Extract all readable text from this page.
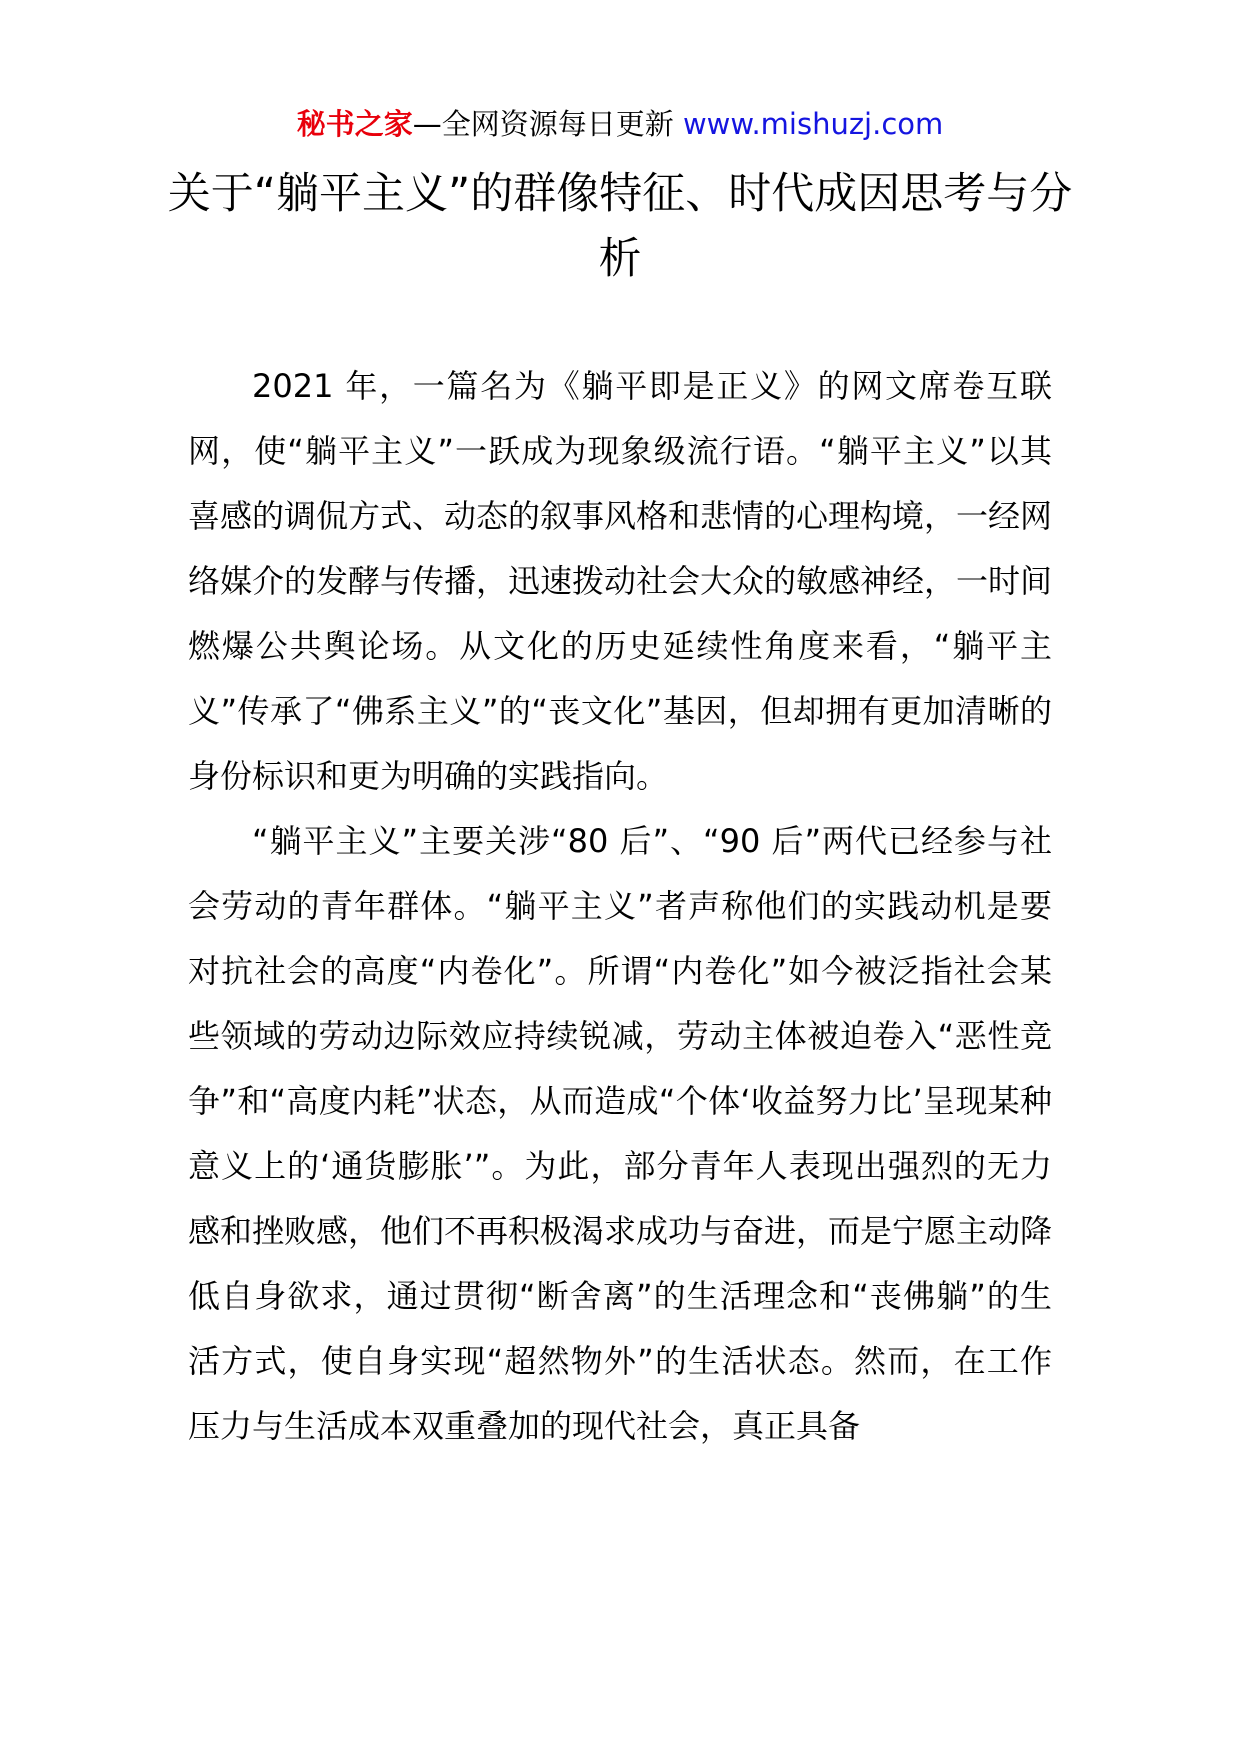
秘书之家—全网资源每日更新 www.mishuzj.com
关于“躺平主义”的群像特征、时代成因思考与分析

2021 年，一篇名为《躺平即是正义》的网文席卷互联网，使“躺平主义”一跃成为现象级流行语。“躺平主义”以其喜感的调侃方式、动态的叙事风格和悲情的心理构境，一经网络媒介的发酵与传播，迅速拨动社会大众的敏感神经，一时间燃爆公共舆论场。从文化的历史延续性角度来看，“躺平主义”传承了“佛系主义”的“丧文化”基因，但却拥有更加清晰的身份标识和更为明确的实践指向。

“躺平主义”主要关涉“80 后”、“90 后”两代已经参与社会劳动的青年群体。“躺平主义”者声称他们的实践动机是要对抗社会的高度“内卷化”。所谓“内卷化”如今被泛指社会某些领域的劳动边际效应持续锐减，劳动主体被迫卷入“恶性竞争”和“高度内耗”状态，从而造成“个体‘收益努力比’呈现某种意义上的‘通货膨胀’”。为此，部分青年人表现出强烈的无力感和挫败感，他们不再积极渴求成功与奋进，而是宁愿主动降低自身欲求，通过贯彻“断舍离”的生活理念和“丧佛躺”的生活方式，使自身实现“超然物外”的生活状态。然而，在工作压力与生活成本双重叠加的现代社会，真正具备
